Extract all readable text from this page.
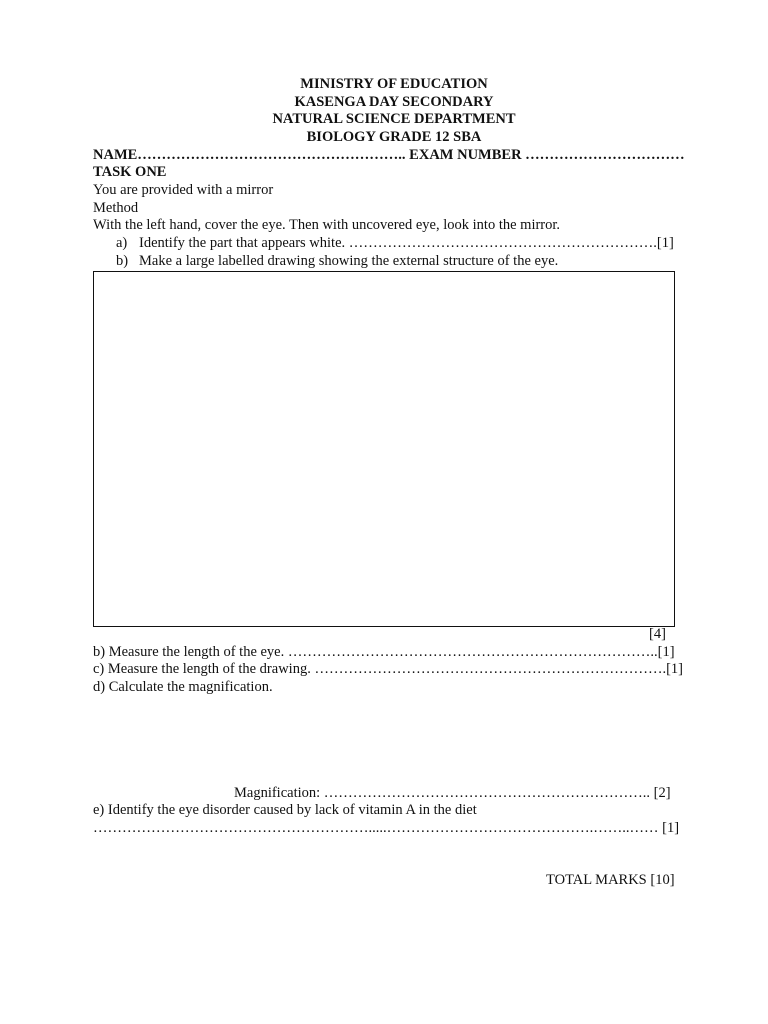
MINISTRY OF EDUCATION
KASENGA DAY SECONDARY
NATURAL SCIENCE DEPARTMENT
BIOLOGY GRADE 12 SBA
NAME……………………………………………….. EXAM NUMBER ……………………………
TASK ONE
You are provided with a mirror
Method
With the left hand, cover the eye. Then with uncovered eye, look into the mirror.
a) Identify the part that appears white. ……………………………………………………….[1]
b) Make a large labelled drawing showing the external structure of the eye.
[4]
b) Measure the length of the eye. …………………………………………………………………..[1]
c) Measure the length of the drawing. ……………………………………………………………….[1]
d) Calculate the magnification.
Magnification: ………………………………………………………….. [2]
e) Identify the eye disorder caused by lack of vitamin A in the diet
………………………………………………….....…………………………………….……..…… [1]
TOTAL MARKS [10]
